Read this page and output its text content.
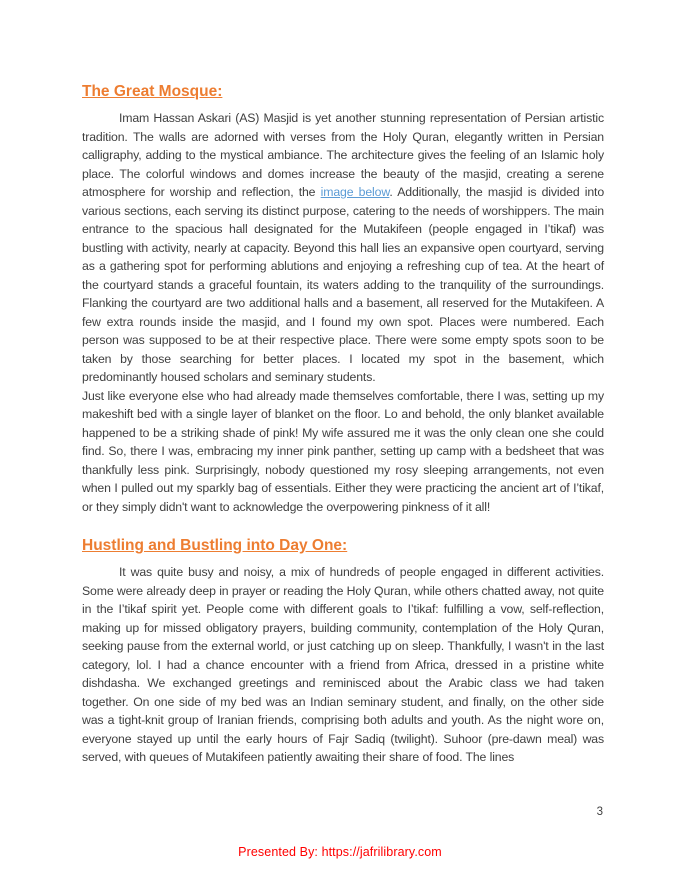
The Great Mosque:

Imam Hassan Askari (AS) Masjid is yet another stunning representation of Persian artistic tradition. The walls are adorned with verses from the Holy Quran, elegantly written in Persian calligraphy, adding to the mystical ambiance. The architecture gives the feeling of an Islamic holy place. The colorful windows and domes increase the beauty of the masjid, creating a serene atmosphere for worship and reflection, the image below. Additionally, the masjid is divided into various sections, each serving its distinct purpose, catering to the needs of worshippers. The main entrance to the spacious hall designated for the Mutakifeen (people engaged in I’tikaf) was bustling with activity, nearly at capacity. Beyond this hall lies an expansive open courtyard, serving as a gathering spot for performing ablutions and enjoying a refreshing cup of tea. At the heart of the courtyard stands a graceful fountain, its waters adding to the tranquility of the surroundings. Flanking the courtyard are two additional halls and a basement, all reserved for the Mutakifeen. A few extra rounds inside the masjid, and I found my own spot. Places were numbered. Each person was supposed to be at their respective place. There were some empty spots soon to be taken by those searching for better places. I located my spot in the basement, which predominantly housed scholars and seminary students.

Just like everyone else who had already made themselves comfortable, there I was, setting up my makeshift bed with a single layer of blanket on the floor. Lo and behold, the only blanket available happened to be a striking shade of pink! My wife assured me it was the only clean one she could find. So, there I was, embracing my inner pink panther, setting up camp with a bedsheet that was thankfully less pink. Surprisingly, nobody questioned my rosy sleeping arrangements, not even when I pulled out my sparkly bag of essentials. Either they were practicing the ancient art of I’tikaf, or they simply didn't want to acknowledge the overpowering pinkness of it all!

Hustling and Bustling into Day One:

It was quite busy and noisy, a mix of hundreds of people engaged in different activities. Some were already deep in prayer or reading the Holy Quran, while others chatted away, not quite in the I’tikaf spirit yet. People come with different goals to I’tikaf: fulfilling a vow, self-reflection, making up for missed obligatory prayers, building community, contemplation of the Holy Quran, seeking pause from the external world, or just catching up on sleep. Thankfully, I wasn't in the last category, lol. I had a chance encounter with a friend from Africa, dressed in a pristine white dishdasha. We exchanged greetings and reminisced about the Arabic class we had taken together. On one side of my bed was an Indian seminary student, and finally, on the other side was a tight-knit group of Iranian friends, comprising both adults and youth. As the night wore on, everyone stayed up until the early hours of Fajr Sadiq (twilight). Suhoor (pre-dawn meal) was served, with queues of Mutakifeen patiently awaiting their share of food. The lines

3
Presented By: https://jafrilibrary.com
